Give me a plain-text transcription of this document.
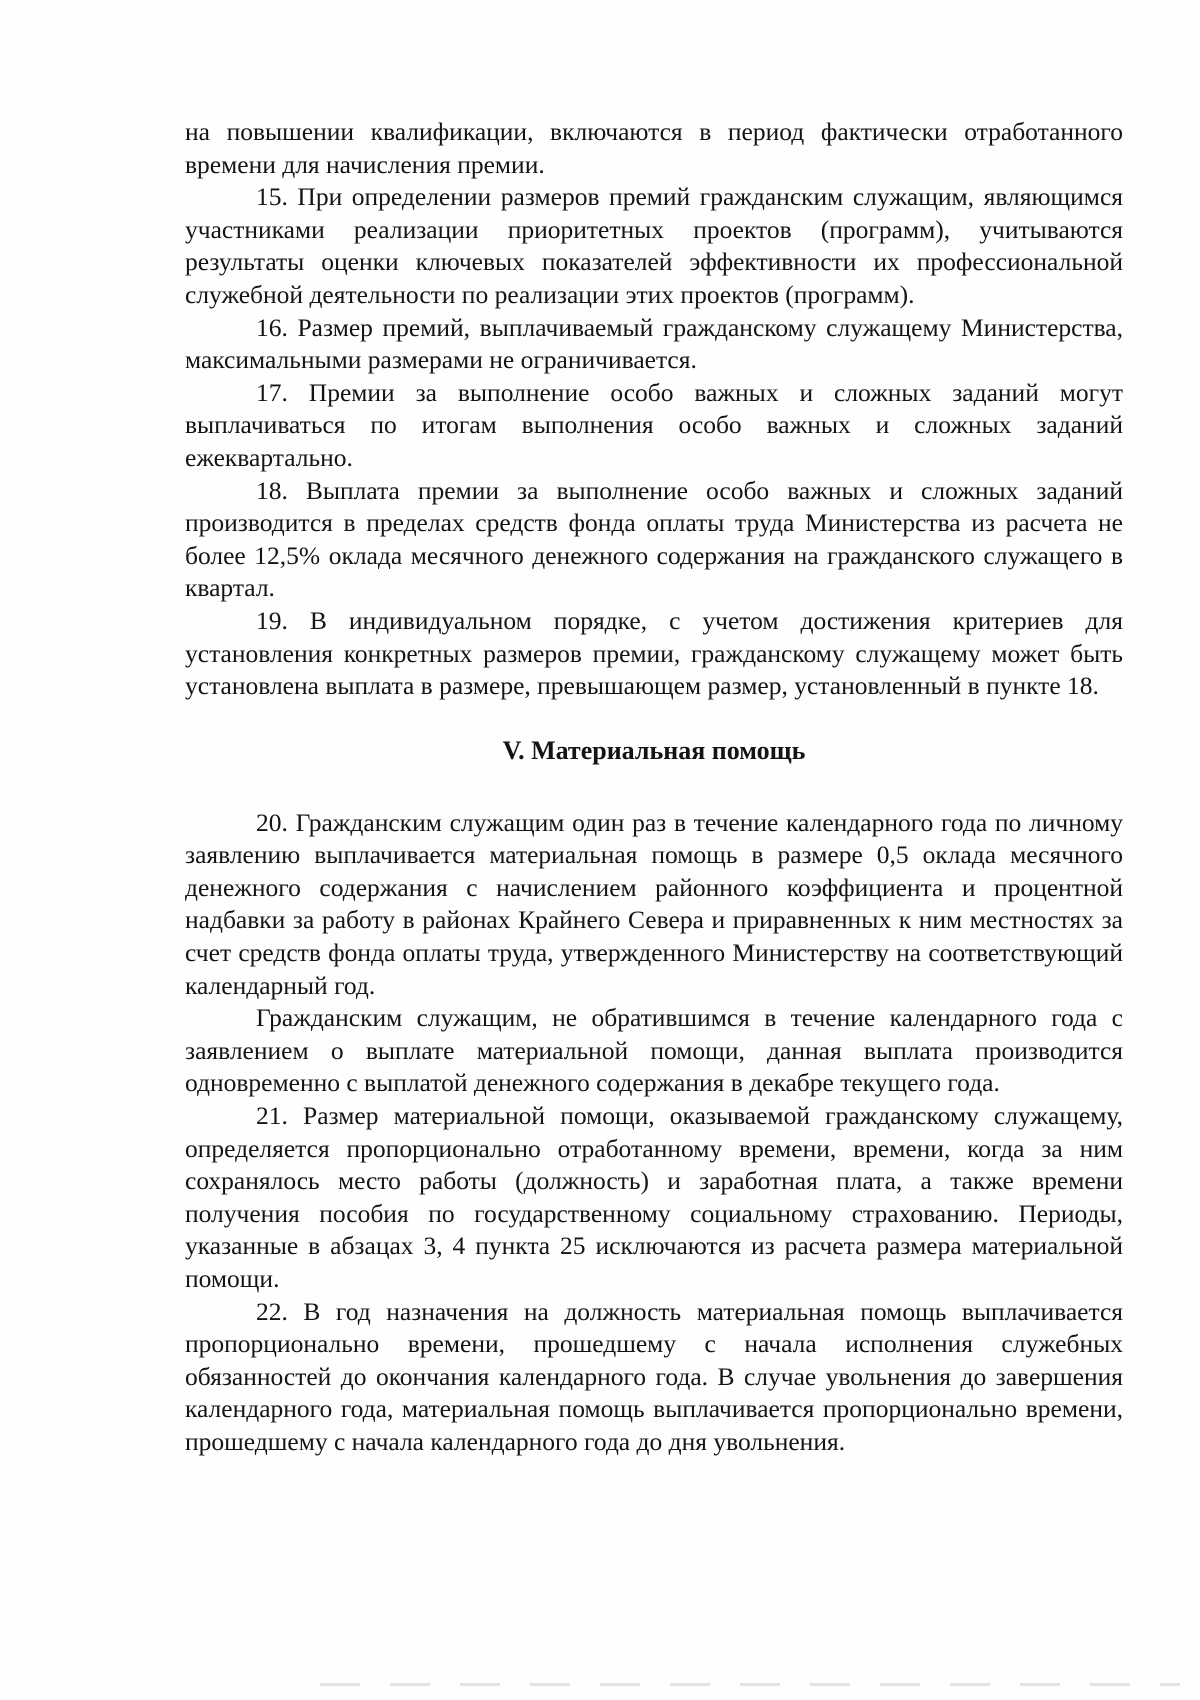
на повышении квалификации, включаются в период фактически отработанного времени для начисления премии.

15. При определении размеров премий гражданским служащим, являющимся участниками реализации приоритетных проектов (программ), учитываются результаты оценки ключевых показателей эффективности их профессиональной служебной деятельности по реализации этих проектов (программ).

16. Размер премий, выплачиваемый гражданскому служащему Министерства, максимальными размерами не ограничивается.

17. Премии за выполнение особо важных и сложных заданий могут выплачиваться по итогам выполнения особо важных и сложных заданий ежеквартально.

18. Выплата премии за выполнение особо важных и сложных заданий производится в пределах средств фонда оплаты труда Министерства из расчета не более 12,5% оклада месячного денежного содержания на гражданского служащего в квартал.

19. В индивидуальном порядке, с учетом достижения критериев для установления конкретных размеров премии, гражданскому служащему может быть установлена выплата в размере, превышающем размер, установленный в пункте 18.

V. Материальная помощь

20. Гражданским служащим один раз в течение календарного года по личному заявлению выплачивается материальная помощь в размере 0,5 оклада месячного денежного содержания с начислением районного коэффициента и процентной надбавки за работу в районах Крайнего Севера и приравненных к ним местностях за счет средств фонда оплаты труда, утвержденного Министерству на соответствующий календарный год.

Гражданским служащим, не обратившимся в течение календарного года с заявлением о выплате материальной помощи, данная выплата производится одновременно с выплатой денежного содержания в декабре текущего года.

21. Размер материальной помощи, оказываемой гражданскому служащему, определяется пропорционально отработанному времени, времени, когда за ним сохранялось место работы (должность) и заработная плата, а также времени получения пособия по государственному социальному страхованию. Периоды, указанные в абзацах 3, 4 пункта 25 исключаются из расчета размера материальной помощи.

22. В год назначения на должность материальная помощь выплачивается пропорционально времени, прошедшему с начала исполнения служебных обязанностей до окончания календарного года. В случае увольнения до завершения календарного года, материальная помощь выплачивается пропорционально времени, прошедшему с начала календарного года до дня увольнения.
